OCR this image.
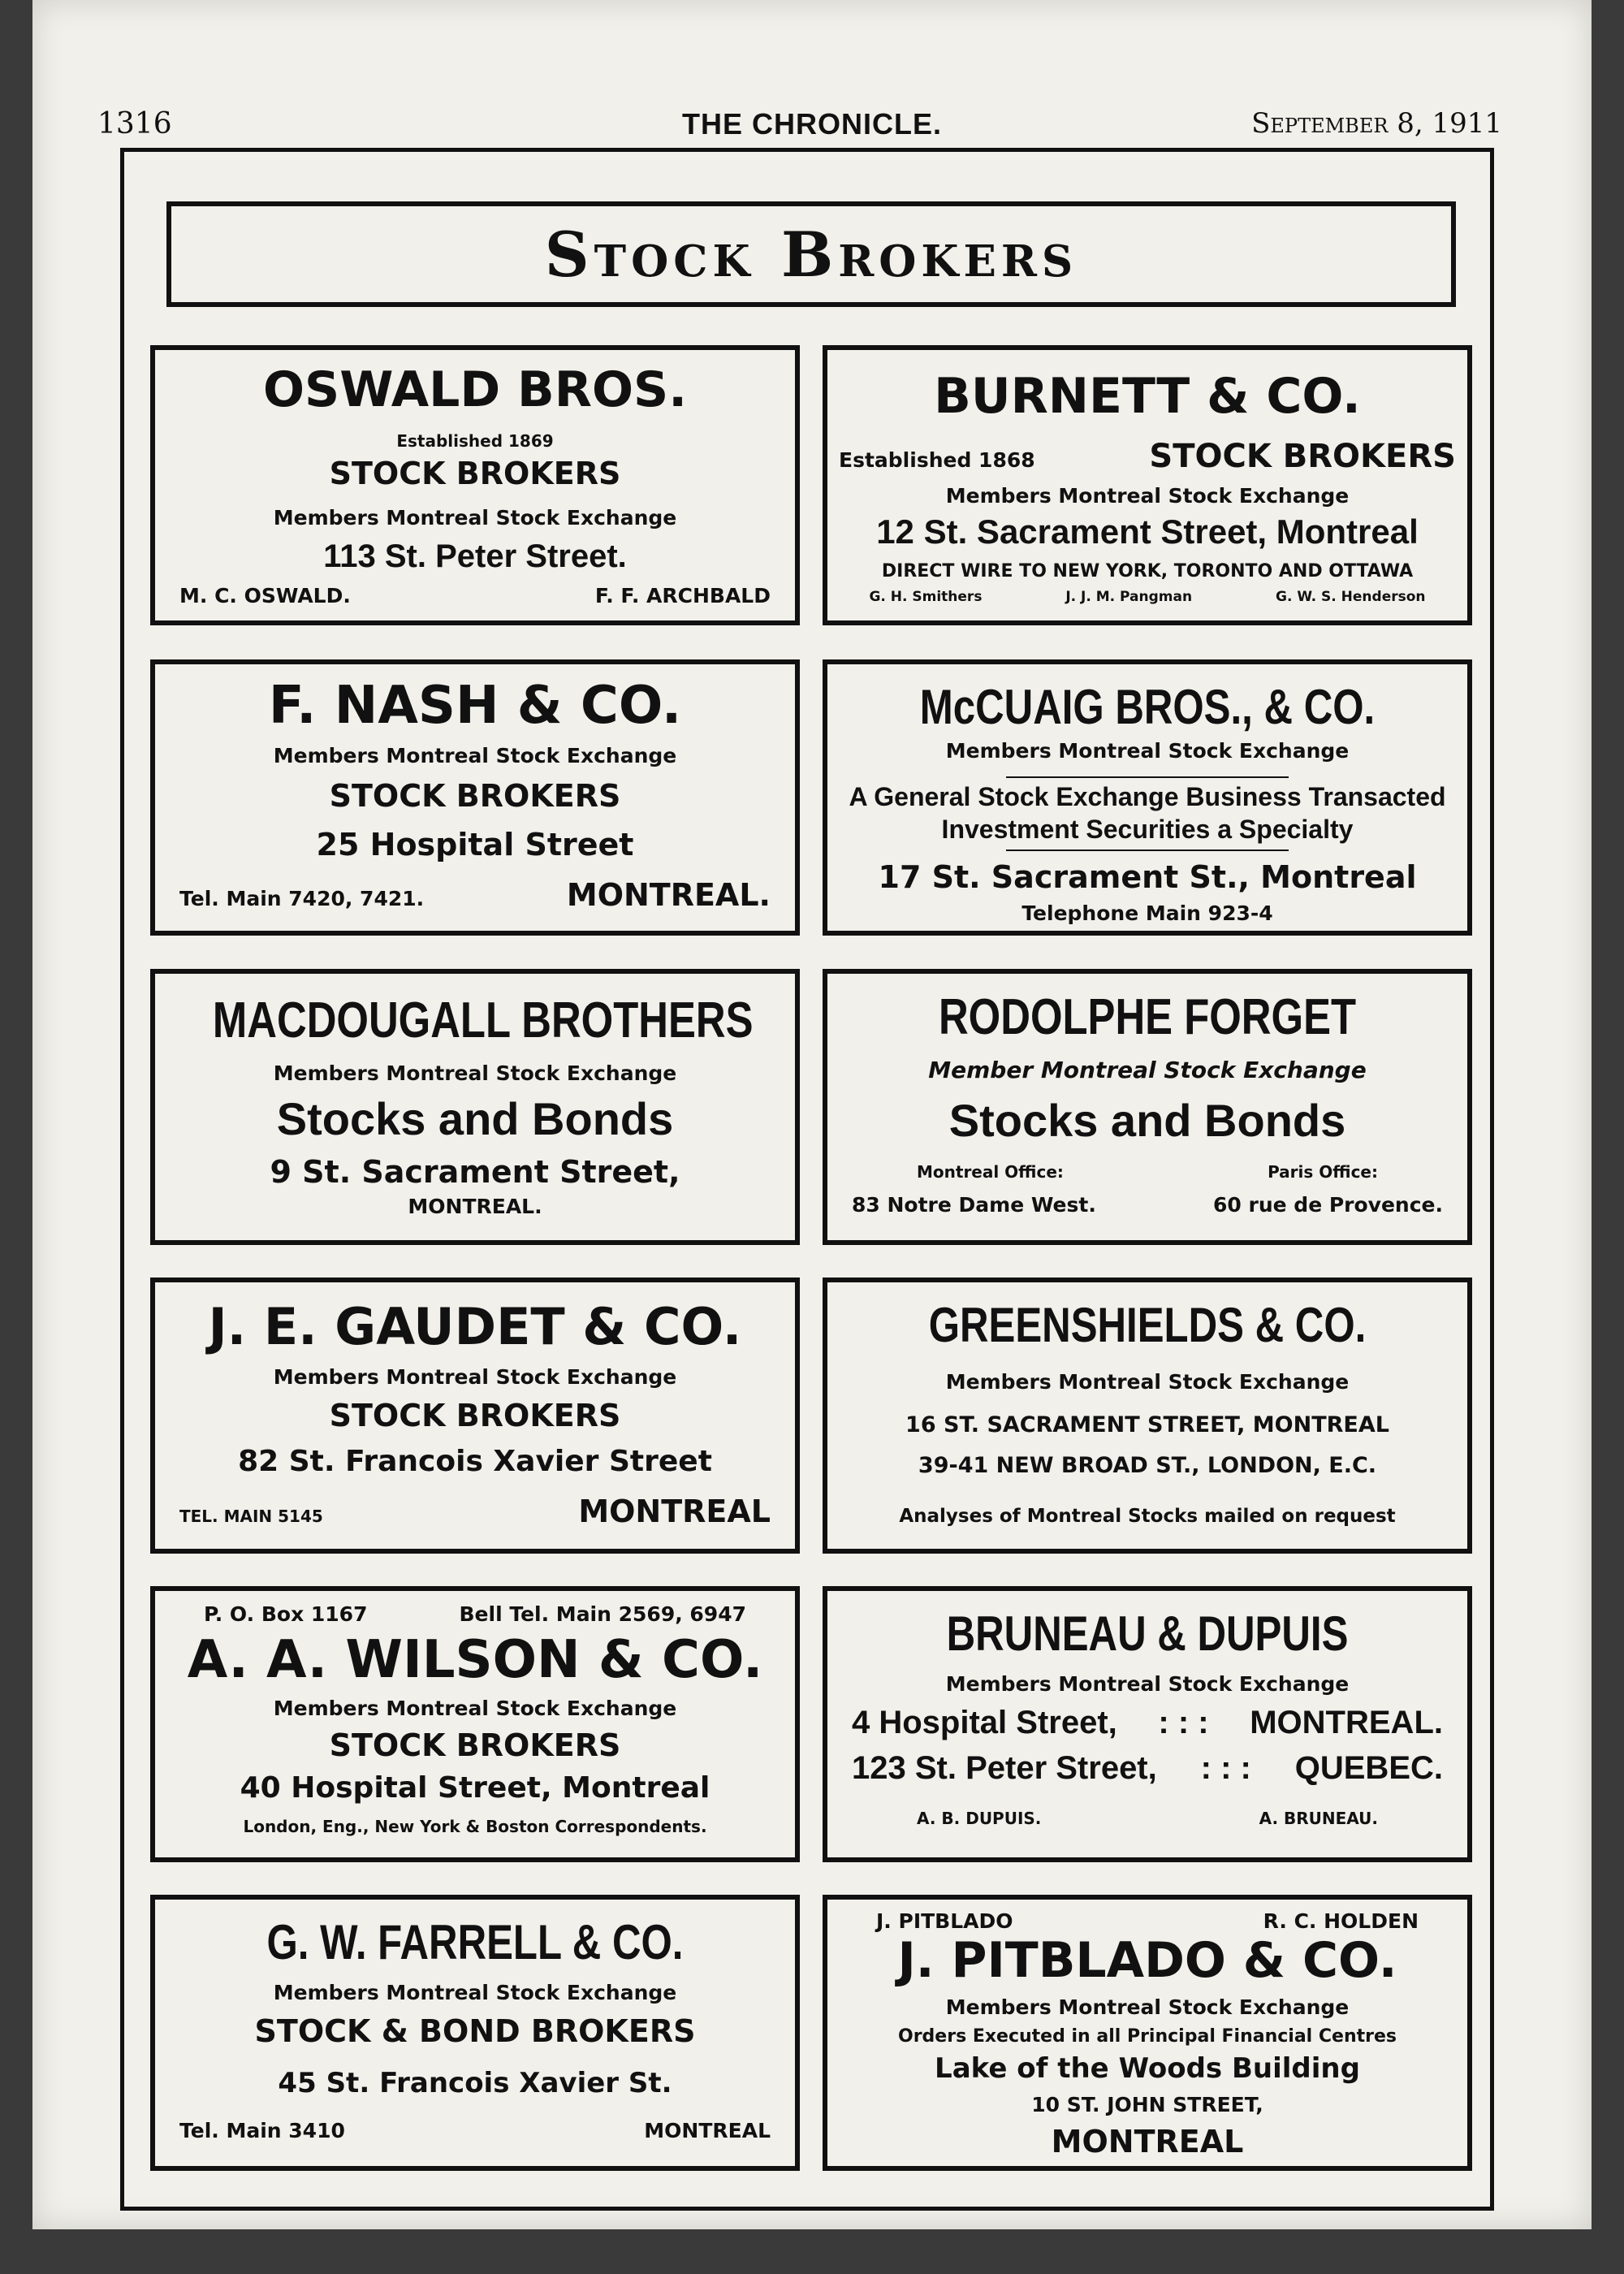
1316	THE CHRONICLE.	September 8, 1911
Stock Brokers
OSWALD BROS.
Established 1869
STOCK BROKERS
Members Montreal Stock Exchange
113 St. Peter Street.
M. C. OSWALD.	F. F. ARCHBALD
BURNETT & CO.
Established 1868	STOCK BROKERS
Members Montreal Stock Exchange
12 St. Sacrament Street, Montreal
DIRECT WIRE TO NEW YORK, TORONTO AND OTTAWA
G. H. Smithers	J. J. M. Pangman	G. W. S. Henderson
F. NASH & CO.
Members Montreal Stock Exchange
STOCK BROKERS
25 Hospital Street
Tel. Main 7420, 7421.	MONTREAL.
McCUAIG BROS., & CO.
Members Montreal Stock Exchange
A General Stock Exchange Business Transacted
Investment Securities a Specialty
17 St. Sacrament St., Montreal
Telephone Main 923-4
MACDOUGALL BROTHERS
Members Montreal Stock Exchange
Stocks and Bonds
9 St. Sacrament Street,
MONTREAL.
RODOLPHE FORGET
Member Montreal Stock Exchange
Stocks and Bonds
Montreal Office:	Paris Office:
83 Notre Dame West.	60 rue de Provence.
J. E. GAUDET & CO.
Members Montreal Stock Exchange
STOCK BROKERS
82 St. Francois Xavier Street
TEL. MAIN 5145	MONTREAL
GREENSHIELDS & CO.
Members Montreal Stock Exchange
16 ST. SACRAMENT STREET, MONTREAL
39-41 NEW BROAD ST., LONDON, E.C.
Analyses of Montreal Stocks mailed on request
P. O. Box 1167	Bell Tel. Main 2569, 6947
A. A. WILSON & CO.
Members Montreal Stock Exchange
STOCK BROKERS
40 Hospital Street, Montreal
London, Eng., New York & Boston Correspondents.
BRUNEAU & DUPUIS
Members Montreal Stock Exchange
4 Hospital Street, : : : MONTREAL.
123 St. Peter Street, : : : QUEBEC.
A. B. DUPUIS.	A. BRUNEAU.
G. W. FARRELL & CO.
Members Montreal Stock Exchange
STOCK & BOND BROKERS
45 St. Francois Xavier St.
Tel. Main 3410	MONTREAL
J. PITBLADO	R. C. HOLDEN
J. PITBLADO & CO.
Members Montreal Stock Exchange
Orders Executed in all Principal Financial Centres
Lake of the Woods Building
10 ST. JOHN STREET,
MONTREAL
